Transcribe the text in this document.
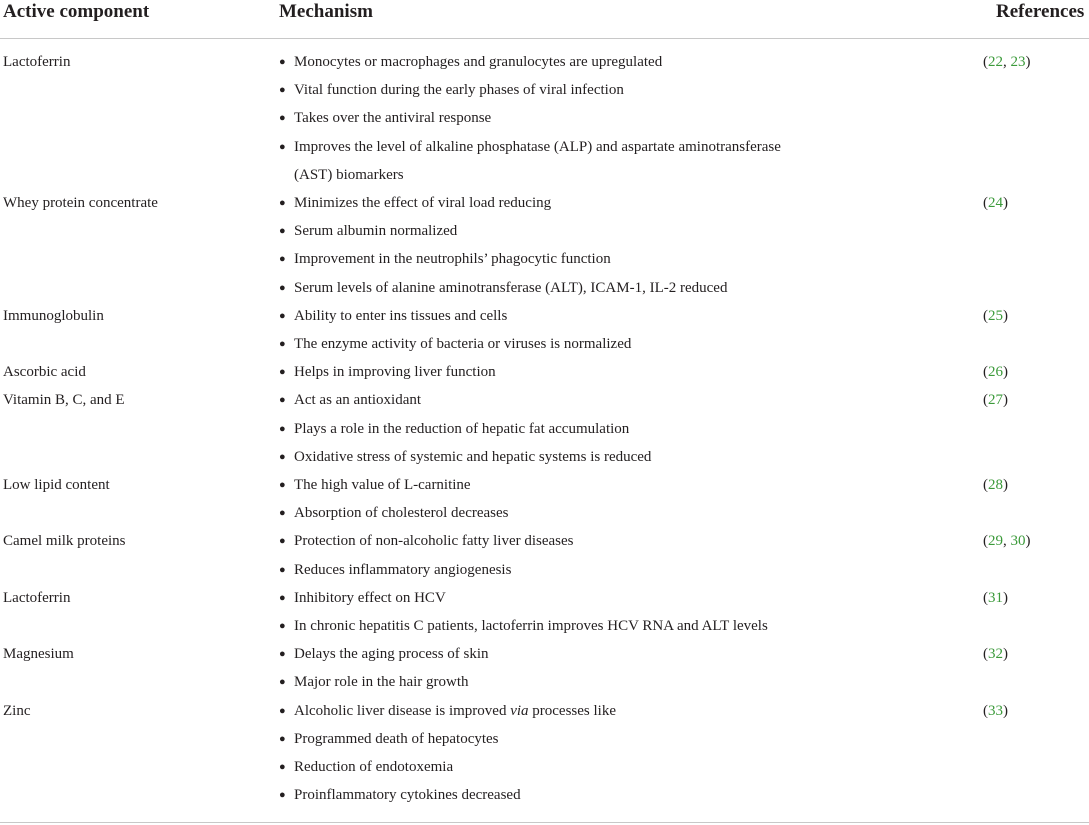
Active component	Mechanism	References
Lactoferrin	● Monocytes or macrophages and granulocytes are upregulated
● Vital function during the early phases of viral infection
● Takes over the antiviral response
● Improves the level of alkaline phosphatase (ALP) and aspartate aminotransferase (AST) biomarkers
(22, 23)
Whey protein concentrate	● Minimizes the effect of viral load reducing
● Serum albumin normalized
● Improvement in the neutrophils’ phagocytic function
● Serum levels of alanine aminotransferase (ALT), ICAM-1, IL-2 reduced
(24)
Immunoglobulin	● Ability to enter ins tissues and cells
● The enzyme activity of bacteria or viruses is normalized
(25)
Ascorbic acid	● Helps in improving liver function	(26)
Vitamin B, C, and E	● Act as an antioxidant
● Plays a role in the reduction of hepatic fat accumulation
● Oxidative stress of systemic and hepatic systems is reduced
(27)
Low lipid content	● The high value of L-carnitine
● Absorption of cholesterol decreases
(28)
Camel milk proteins	● Protection of non-alcoholic fatty liver diseases
● Reduces inflammatory angiogenesis
(29, 30)
Lactoferrin	● Inhibitory effect on HCV
● In chronic hepatitis C patients, lactoferrin improves HCV RNA and ALT levels
(31)
Magnesium	● Delays the aging process of skin
● Major role in the hair growth
(32)
Zinc	● Alcoholic liver disease is improved via processes like
● Programmed death of hepatocytes
● Reduction of endotoxemia
● Proinflammatory cytokines decreased
(33)
